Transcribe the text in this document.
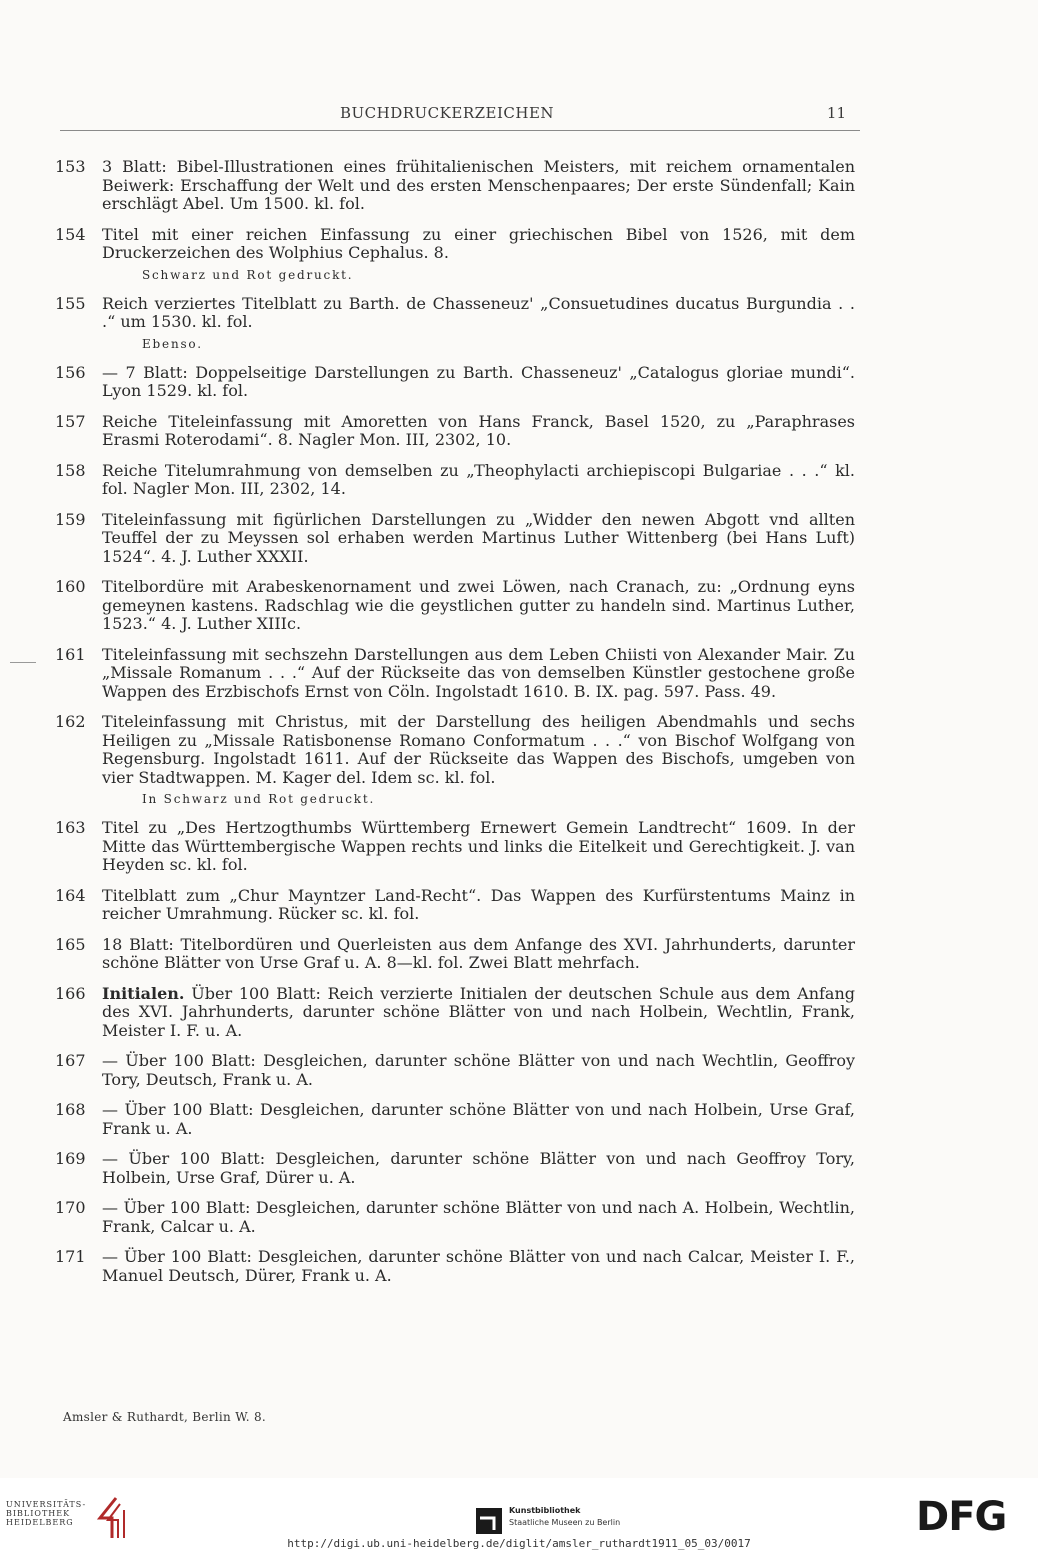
BUCHDRUCKERZEICHEN	11
153 3 Blatt: Bibel-Illustrationen eines frühitalienischen Meisters, mit reichem ornamentalen Beiwerk: Erschaffung der Welt und des ersten Menschenpaares; Der erste Sündenfall; Kain erschlägt Abel. Um 1500. kl. fol.
154 Titel mit einer reichen Einfassung zu einer griechischen Bibel von 1526, mit dem Druckerzeichen des Wolphius Cephalus. 8.
Schwarz und Rot gedruckt.
155 Reich verziertes Titelblatt zu Barth. de Chasseneuz' „Consuetudines ducatus Burgundia . . .“ um 1530. kl. fol.
Ebenso.
156 — 7 Blatt: Doppelseitige Darstellungen zu Barth. Chasseneuz' „Catalogus gloriae mundi“. Lyon 1529. kl. fol.
157 Reiche Titeleinfassung mit Amoretten von Hans Franck, Basel 1520, zu „Paraphrases Erasmi Roterodami“. 8. Nagler Mon. III, 2302, 10.
158 Reiche Titelumrahmung von demselben zu „Theophylacti archiepiscopi Bulgariae . . .“ kl. fol. Nagler Mon. III, 2302, 14.
159 Titeleinfassung mit figürlichen Darstellungen zu „Widder den newen Abgott vnd allten Teuffel der zu Meyssen sol erhaben werden Martinus Luther Wittenberg (bei Hans Luft) 1524“. 4. J. Luther XXXII.
160 Titelbordüre mit Arabeskenornament und zwei Löwen, nach Cranach, zu: „Ordnung eyns gemeynen kastens. Radschlag wie die geystlichen gutter zu handeln sind. Martinus Luther, 1523.“ 4. J. Luther XIIIc.
161 Titeleinfassung mit sechszehn Darstellungen aus dem Leben Chiisti von Alexander Mair. Zu „Missale Romanum . . .“ Auf der Rückseite das von demselben Künstler gestochene große Wappen des Erzbischofs Ernst von Cöln. Ingolstadt 1610. B. IX. pag. 597. Pass. 49.
162 Titeleinfassung mit Christus, mit der Darstellung des heiligen Abendmahls und sechs Heiligen zu „Missale Ratisbonense Romano Conformatum . . .“ von Bischof Wolfgang von Regensburg. Ingolstadt 1611. Auf der Rückseite das Wappen des Bischofs, umgeben von vier Stadtwappen. M. Kager del. Idem sc. kl. fol.
In Schwarz und Rot gedruckt.
163 Titel zu „Des Hertzogthumbs Württemberg Ernewert Gemein Landtrecht“ 1609. In der Mitte das Württembergische Wappen rechts und links die Eitelkeit und Gerechtigkeit. J. van Heyden sc. kl. fol.
164 Titelblatt zum „Chur Mayntzer Land-Recht“. Das Wappen des Kurfürstentums Mainz in reicher Umrahmung. Rücker sc. kl. fol.
165 18 Blatt: Titelbordüren und Querleisten aus dem Anfange des XVI. Jahrhunderts, darunter schöne Blätter von Urse Graf u. A. 8—kl. fol. Zwei Blatt mehrfach.
166 Initialen. Über 100 Blatt: Reich verzierte Initialen der deutschen Schule aus dem Anfang des XVI. Jahrhunderts, darunter schöne Blätter von und nach Holbein, Wechtlin, Frank, Meister I. F. u. A.
167 — Über 100 Blatt: Desgleichen, darunter schöne Blätter von und nach Wechtlin, Geoffroy Tory, Deutsch, Frank u. A.
168 — Über 100 Blatt: Desgleichen, darunter schöne Blätter von und nach Holbein, Urse Graf, Frank u. A.
169 — Über 100 Blatt: Desgleichen, darunter schöne Blätter von und nach Geoffroy Tory, Holbein, Urse Graf, Dürer u. A.
170 — Über 100 Blatt: Desgleichen, darunter schöne Blätter von und nach A. Holbein, Wechtlin, Frank, Calcar u. A.
171 — Über 100 Blatt: Desgleichen, darunter schöne Blätter von und nach Calcar, Meister I. F., Manuel Deutsch, Dürer, Frank u. A.
Amsler & Ruthardt, Berlin W. 8.
UNIVERSITÄTS-
BIBLIOTHEK
HEIDELBERG
Kunstbibliothek
Staatliche Museen zu Berlin	DFG
http://digi.ub.uni-heidelberg.de/diglit/amsler_ruthardt1911_05_03/0017
